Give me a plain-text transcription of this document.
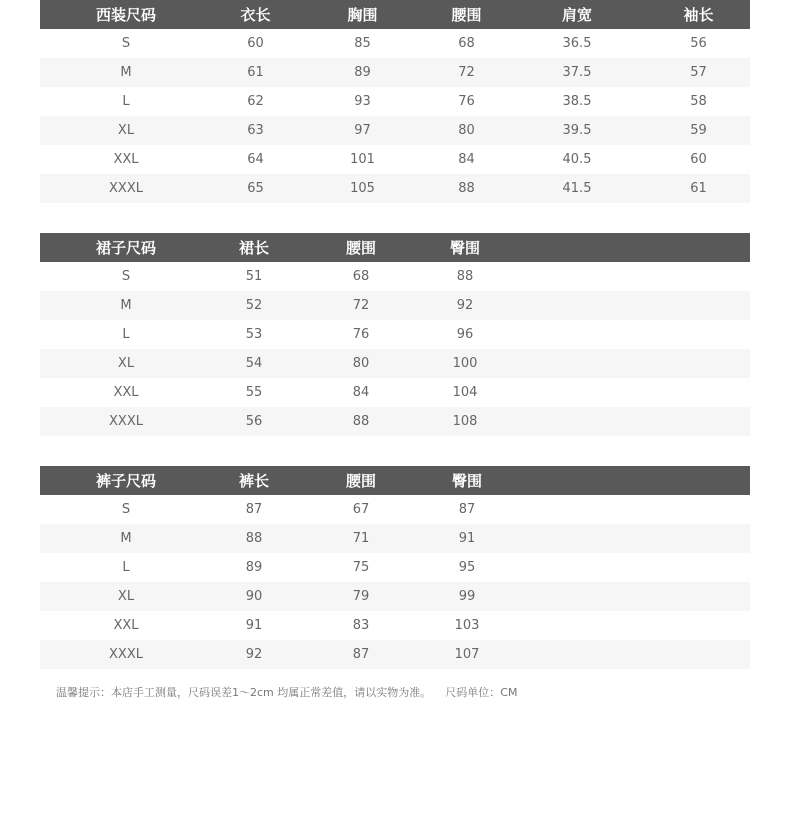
西装尺码	衣长	胸围	腰围	肩宽	袖长
S	60	85	68	36.5	56
M	61	89	72	37.5	57
L	62	93	76	38.5	58
XL	63	97	80	39.5	59
XXL	64	101	84	40.5	60
XXXL	65	105	88	41.5	61
裙子尺码	裙长	腰围	臀围		
S	51	68	88		
M	52	72	92		
L	53	76	96		
XL	54	80	100		
XXL	55	84	104		
XXXL	56	88	108		
裤子尺码	裤长	腰围	臀围		
S	87	67	87		
M	88	71	91		
L	89	75	95		
XL	90	79	99		
XXL	91	83	103		
XXXL	92	87	107		
温馨提示：本店手工测量，尺码误差1～2cm 均属正常差值，请以实物为准。 尺码单位：CM
